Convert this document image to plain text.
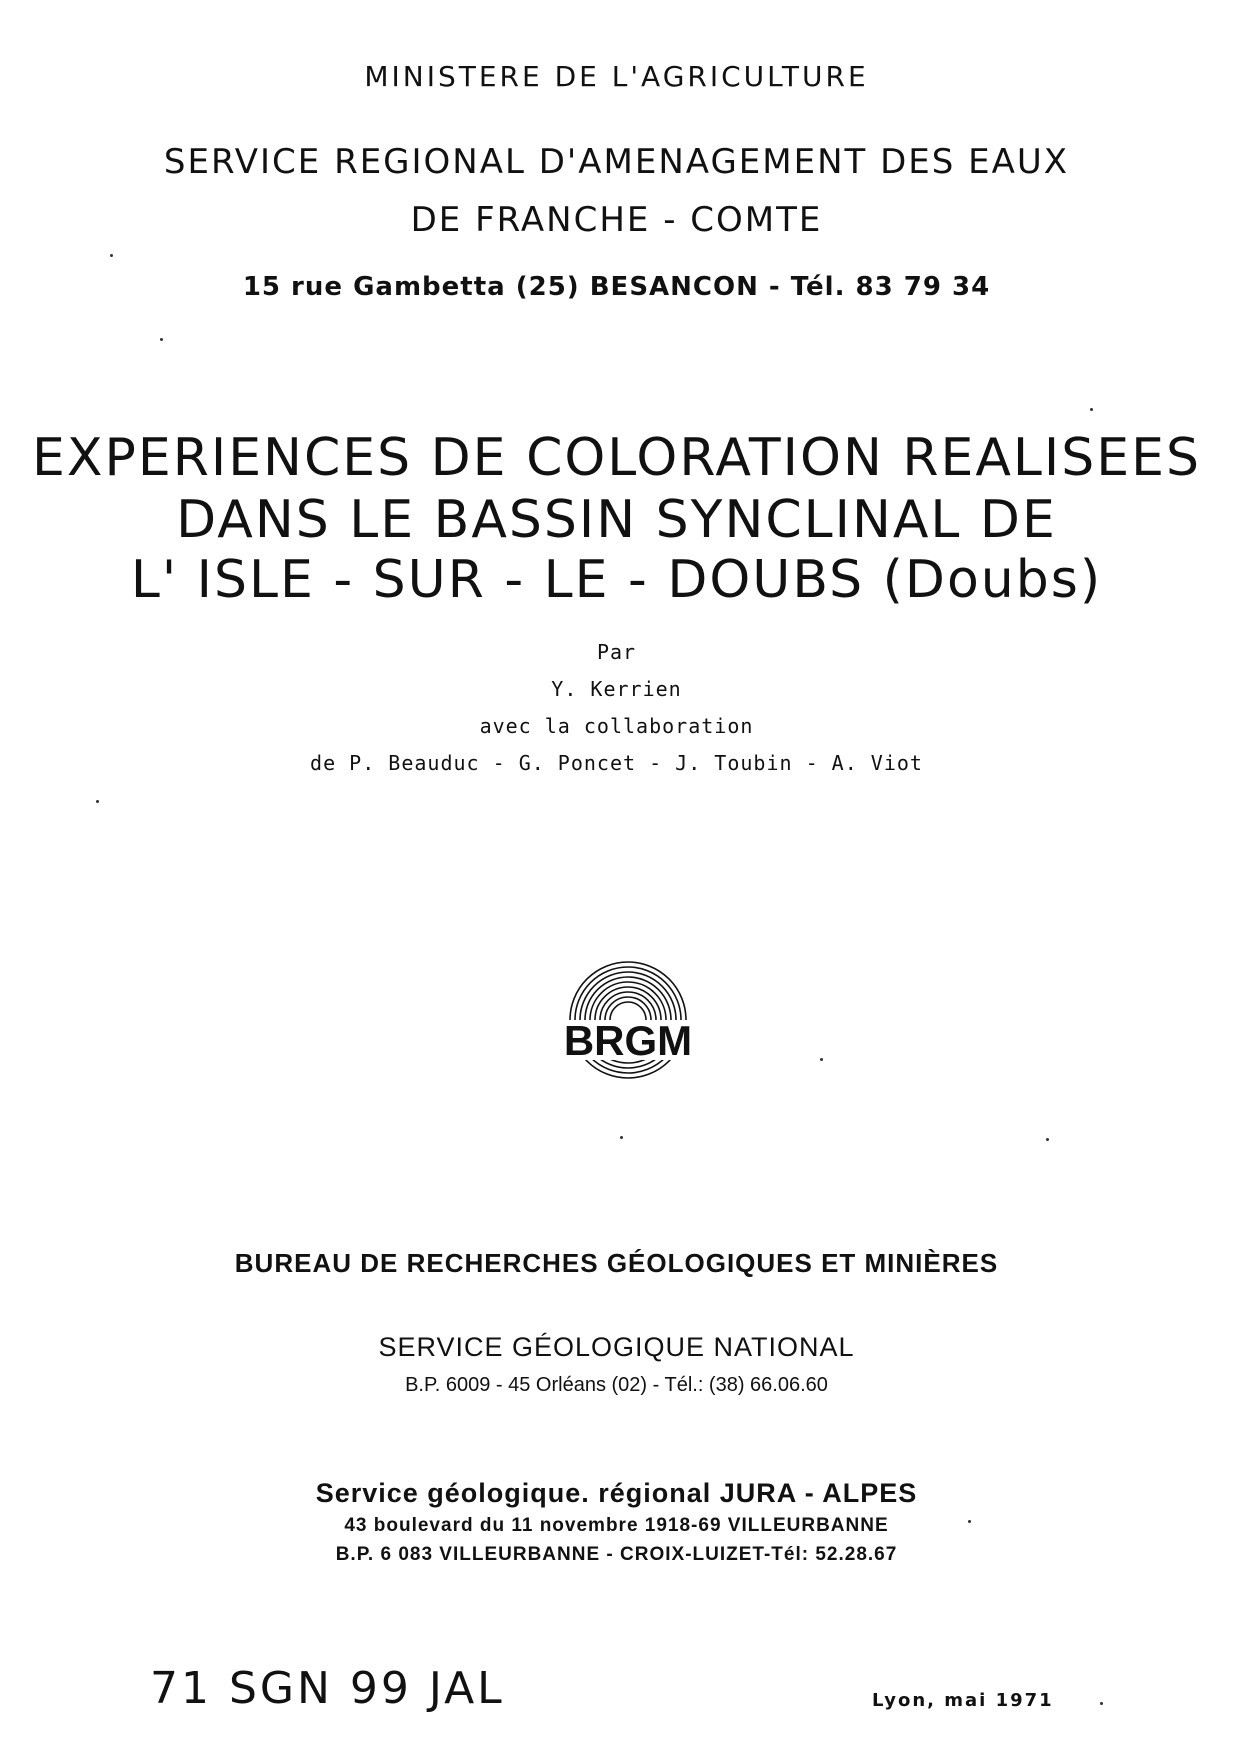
MINISTERE DE L'AGRICULTURE
SERVICE REGIONAL D'AMENAGEMENT DES EAUX
DE FRANCHE - COMTE
15 rue Gambetta (25) BESANCON - Tél. 83 79 34
EXPERIENCES DE COLORATION REALISEES
DANS LE BASSIN SYNCLINAL DE
L' ISLE - SUR - LE - DOUBS (Doubs)
Par
Y. Kerrien
avec la collaboration
de P. Beauduc - G. Poncet - J. Toubin - A. Viot
BRGM
BUREAU DE RECHERCHES GÉOLOGIQUES ET MINIÈRES
SERVICE GÉOLOGIQUE NATIONAL
B.P. 6009 - 45 Orléans (02) - Tél.: (38) 66.06.60
Service géologique. régional JURA - ALPES
43 boulevard du 11 novembre 1918-69 VILLEURBANNE
B.P. 6 083 VILLEURBANNE - CROIX-LUIZET-Tél: 52.28.67
71 SGN 99 JAL	Lyon, mai 1971
